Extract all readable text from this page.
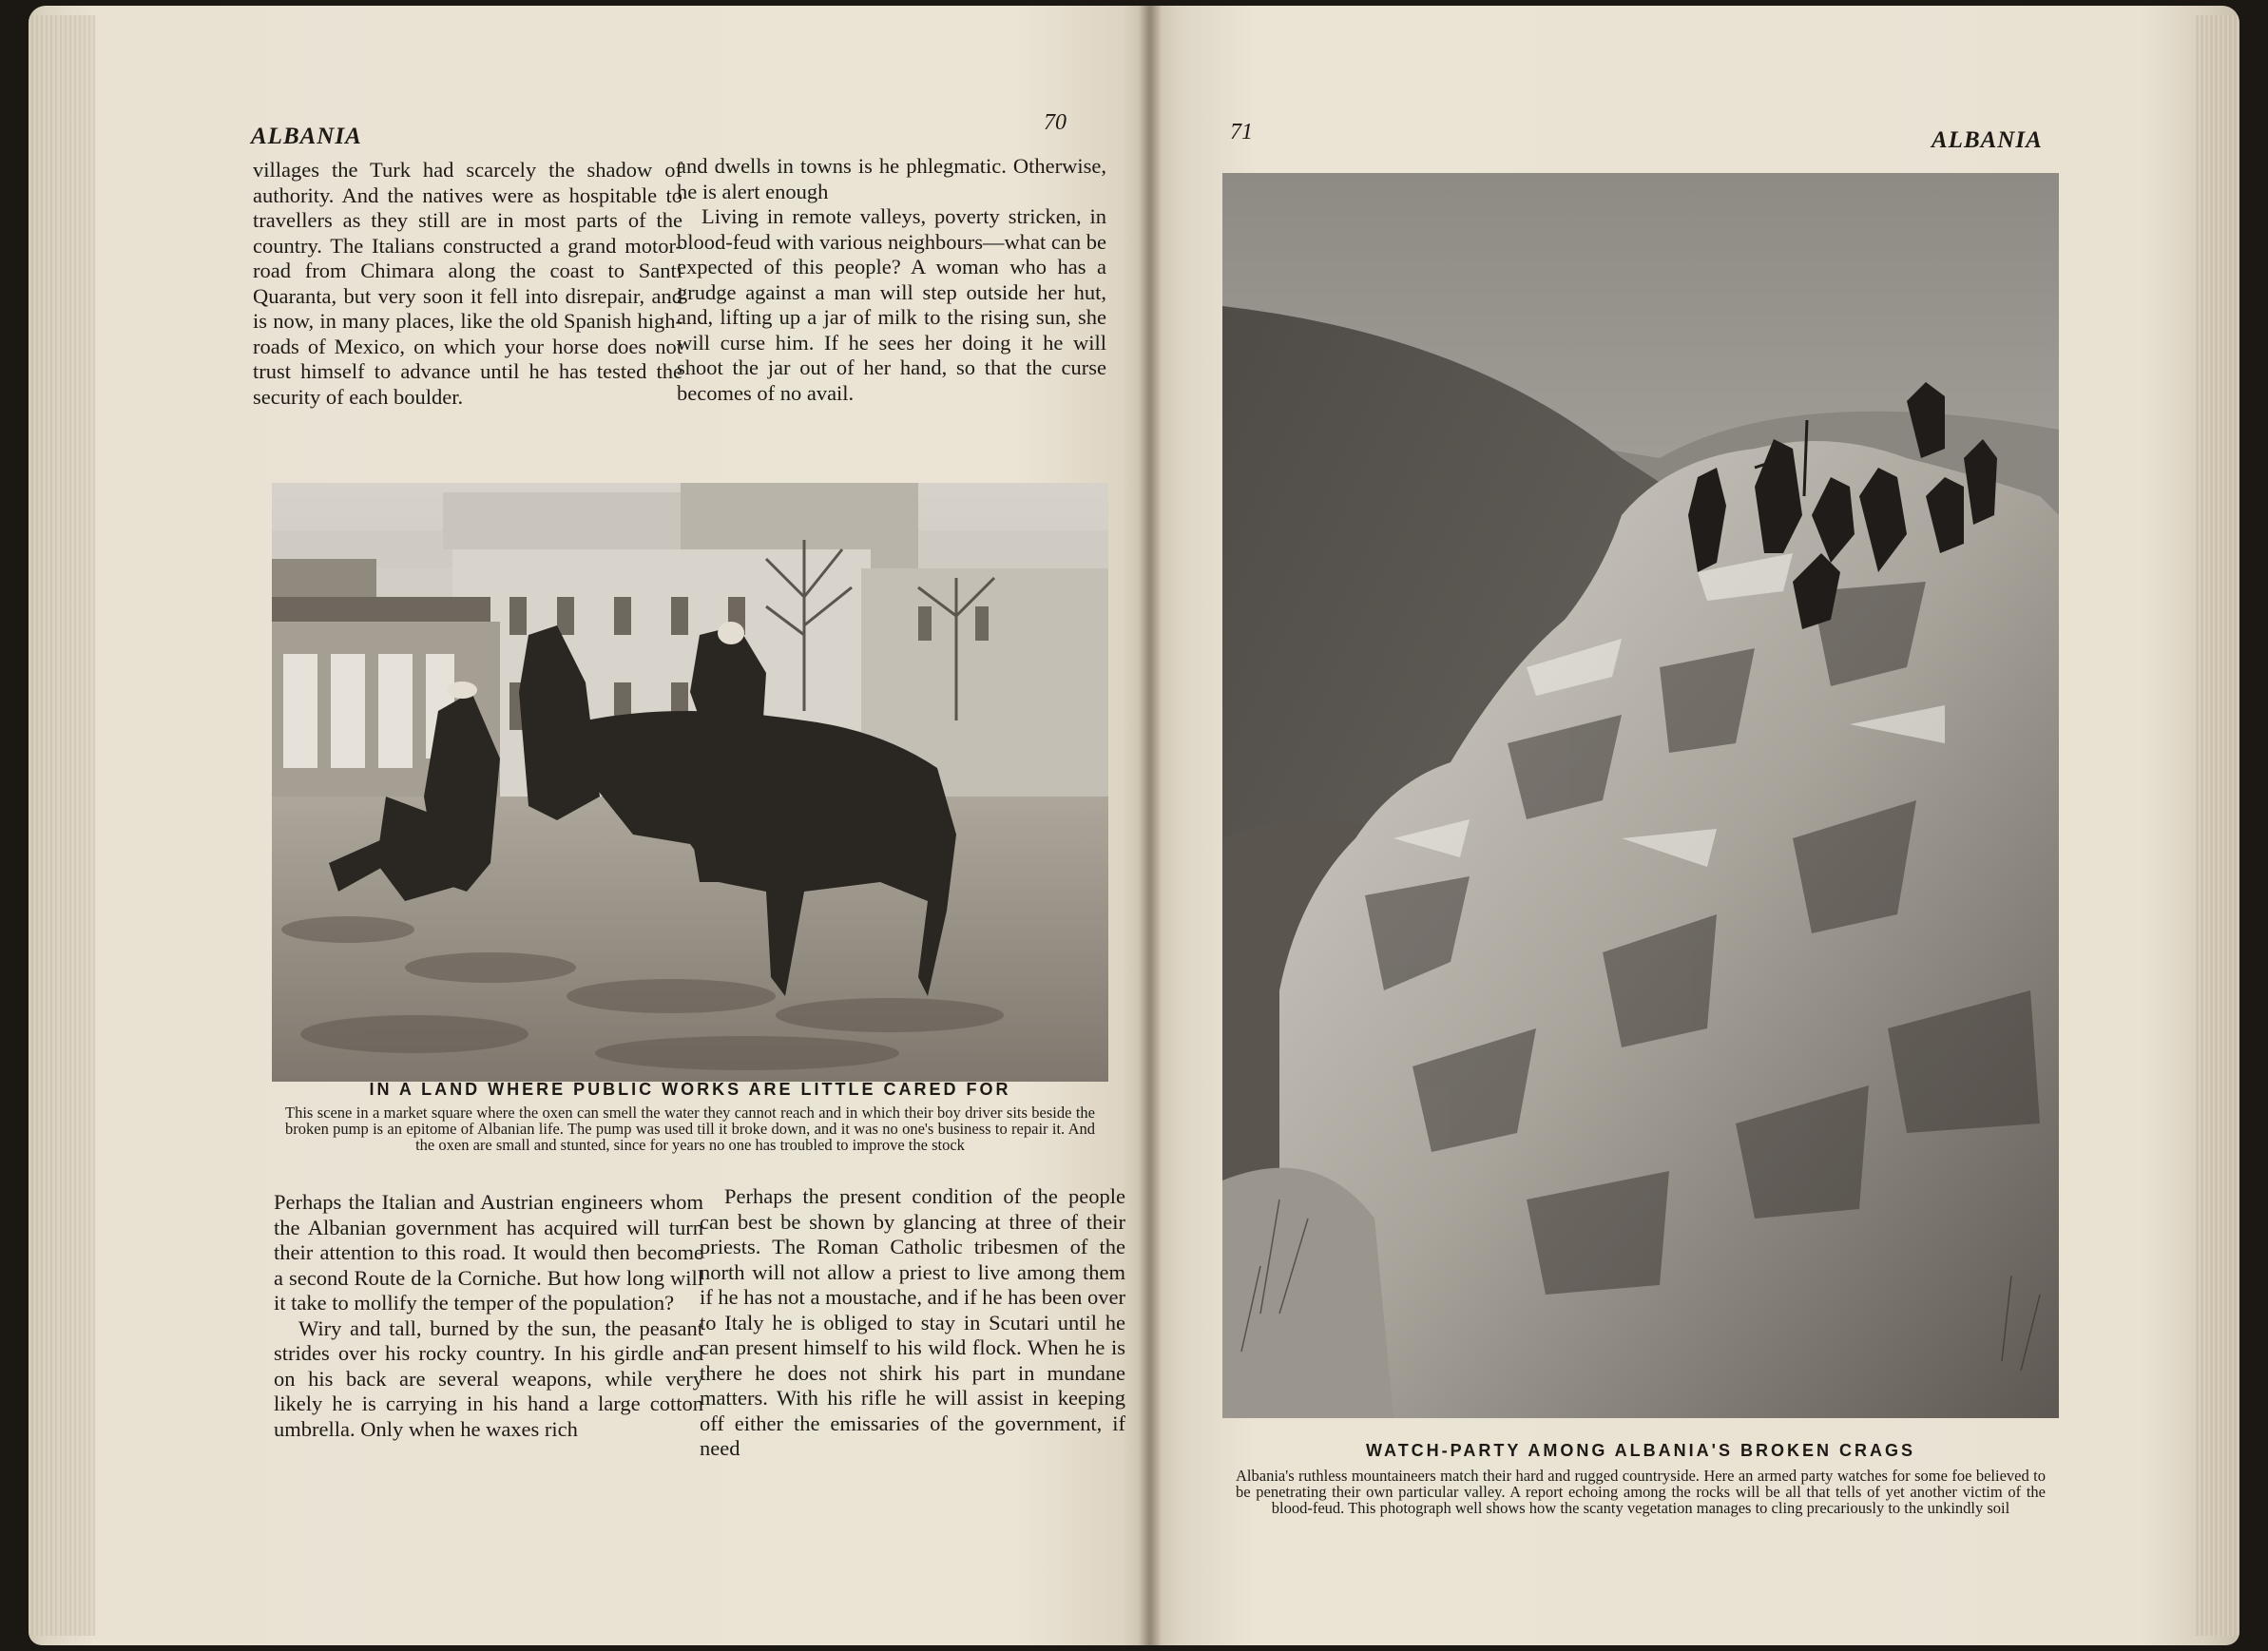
ALBANIA
70

villages the Turk had scarcely the shadow of authority. And the natives were as hospitable to travellers as they still are in most parts of the country. The Italians constructed a grand motor-road from Chimara along the coast to Santi Quaranta, but very soon it fell into disrepair, and is now, in many places, like the old Spanish high-roads of Mexico, on which your horse does not trust himself to advance until he has tested the security of each boulder.

and dwells in towns is he phlegmatic. Otherwise, he is alert enough

Living in remote valleys, poverty stricken, in blood-feud with various neighbours—what can be expected of this people? A woman who has a grudge against a man will step outside her hut, and, lifting up a jar of milk to the rising sun, she will curse him. If he sees her doing it he will shoot the jar out of her hand, so that the curse becomes of no avail.

IN A LAND WHERE PUBLIC WORKS ARE LITTLE CARED FOR
This scene in a market square where the oxen can smell the water they cannot reach and in which their boy driver sits beside the broken pump is an epitome of Albanian life. The pump was used till it broke down, and it was no one's business to repair it. And the oxen are small and stunted, since for years no one has troubled to improve the stock

Perhaps the Italian and Austrian engineers whom the Albanian government has acquired will turn their attention to this road. It would then become a second Route de la Corniche. But how long will it take to mollify the temper of the population?

Wiry and tall, burned by the sun, the peasant strides over his rocky country. In his girdle and on his back are several weapons, while very likely he is carrying in his hand a large cotton umbrella. Only when he waxes rich

Perhaps the present condition of the people can best be shown by glancing at three of their priests. The Roman Catholic tribesmen of the north will not allow a priest to live among them if he has not a moustache, and if he has been over to Italy he is obliged to stay in Scutari until he can present himself to his wild flock. When he is there he does not shirk his part in mundane matters. With his rifle he will assist in keeping off either the emissaries of the government, if need

71	ALBANIA
WATCH-PARTY AMONG ALBANIA'S BROKEN CRAGS
Albania's ruthless mountaineers match their hard and rugged countryside. Here an armed party watches for some foe believed to be penetrating their own particular valley. A report echoing among the rocks will be all that tells of yet another victim of the blood-feud. This photograph well shows how the scanty vegetation manages to cling precariously to the unkindly soil
